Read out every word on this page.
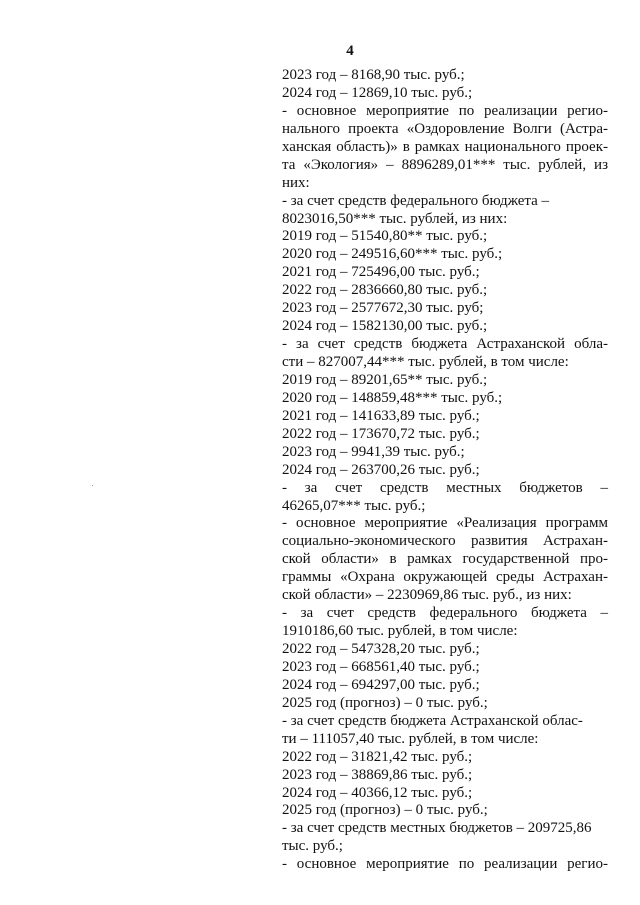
4
2023 год – 8168,90 тыс. руб.;
2024 год – 12869,10 тыс. руб.;
- основное мероприятие по реализации регио-
нального проекта «Оздоровление Волги (Астра-
ханская область)» в рамках национального проек-
та «Экология» – 8896289,01*** тыс. рублей, из
них:
- за счет средств федерального бюджета –
8023016,50*** тыс. рублей, из них:
2019 год – 51540,80** тыс. руб.;
2020 год – 249516,60*** тыс. руб.;
2021 год – 725496,00 тыс. руб.;
2022 год – 2836660,80 тыс. руб.;
2023 год – 2577672,30 тыс. руб;
2024 год – 1582130,00 тыс. руб.;
- за счет средств бюджета Астраханской обла-
сти – 827007,44*** тыс. рублей, в том числе:
2019 год – 89201,65** тыс. руб.;
2020 год – 148859,48*** тыс. руб.;
2021 год – 141633,89 тыс. руб.;
2022 год – 173670,72 тыс. руб.;
2023 год – 9941,39 тыс. руб.;
2024 год – 263700,26 тыс. руб.;
- за счет средств местных бюджетов –
46265,07*** тыс. руб.;
- основное мероприятие «Реализация программ
социально-экономического развития Астрахан-
ской области» в рамках государственной про-
граммы «Охрана окружающей среды Астрахан-
ской области» – 2230969,86 тыс. руб., из них:
- за счет средств федерального бюджета –
1910186,60 тыс. рублей, в том числе:
2022 год – 547328,20 тыс. руб.;
2023 год – 668561,40 тыс. руб.;
2024 год – 694297,00 тыс. руб.;
2025 год (прогноз) – 0 тыс. руб.;
- за счет средств бюджета Астраханской облас-
ти – 111057,40 тыс. рублей, в том числе:
2022 год – 31821,42 тыс. руб.;
2023 год – 38869,86 тыс. руб.;
2024 год – 40366,12 тыс. руб.;
2025 год (прогноз) – 0 тыс. руб.;
- за счет средств местных бюджетов – 209725,86
тыс. руб.;
- основное мероприятие по реализации регио-
